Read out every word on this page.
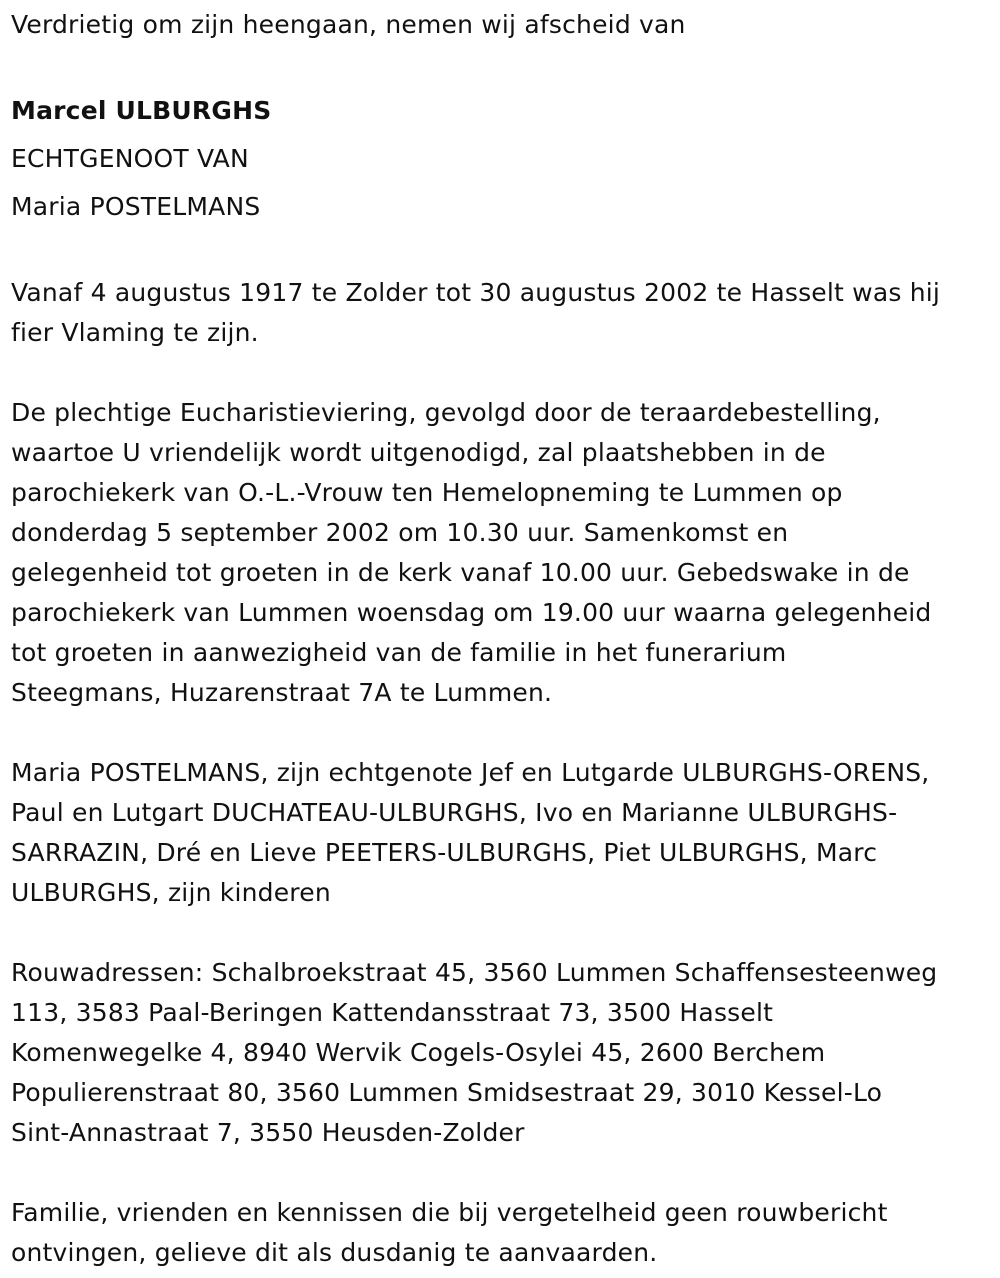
Verdrietig om zijn heengaan, nemen wij afscheid van
Marcel ULBURGHS
ECHTGENOOT VAN
Maria POSTELMANS

Vanaf 4 augustus 1917 te Zolder tot 30 augustus 2002 te Hasselt was hij
fier Vlaming te zijn.

De plechtige Eucharistieviering, gevolgd door de teraardebestelling,
waartoe U vriendelijk wordt uitgenodigd, zal plaatshebben in de
parochiekerk van O.-L.-Vrouw ten Hemelopneming te Lummen op
donderdag 5 september 2002 om 10.30 uur. Samenkomst en
gelegenheid tot groeten in de kerk vanaf 10.00 uur. Gebedswake in de
parochiekerk van Lummen woensdag om 19.00 uur waarna gelegenheid
tot groeten in aanwezigheid van de familie in het funerarium
Steegmans, Huzarenstraat 7A te Lummen.

Maria POSTELMANS, zijn echtgenote Jef en Lutgarde ULBURGHS-ORENS,
Paul en Lutgart DUCHATEAU-ULBURGHS, Ivo en Marianne ULBURGHS-
SARRAZIN, Dré en Lieve PEETERS-ULBURGHS, Piet ULBURGHS, Marc
ULBURGHS, zijn kinderen

Rouwadressen: Schalbroekstraat 45, 3560 Lummen Schaffensesteenweg
113, 3583 Paal-Beringen Kattendansstraat 73, 3500 Hasselt
Komenwegelke 4, 8940 Wervik Cogels-Osylei 45, 2600 Berchem
Populierenstraat 80, 3560 Lummen Smidsestraat 29, 3010 Kessel-Lo
Sint-Annastraat 7, 3550 Heusden-Zolder

Familie, vrienden en kennissen die bij vergetelheid geen rouwbericht
ontvingen, gelieve dit als dusdanig te aanvaarden.
